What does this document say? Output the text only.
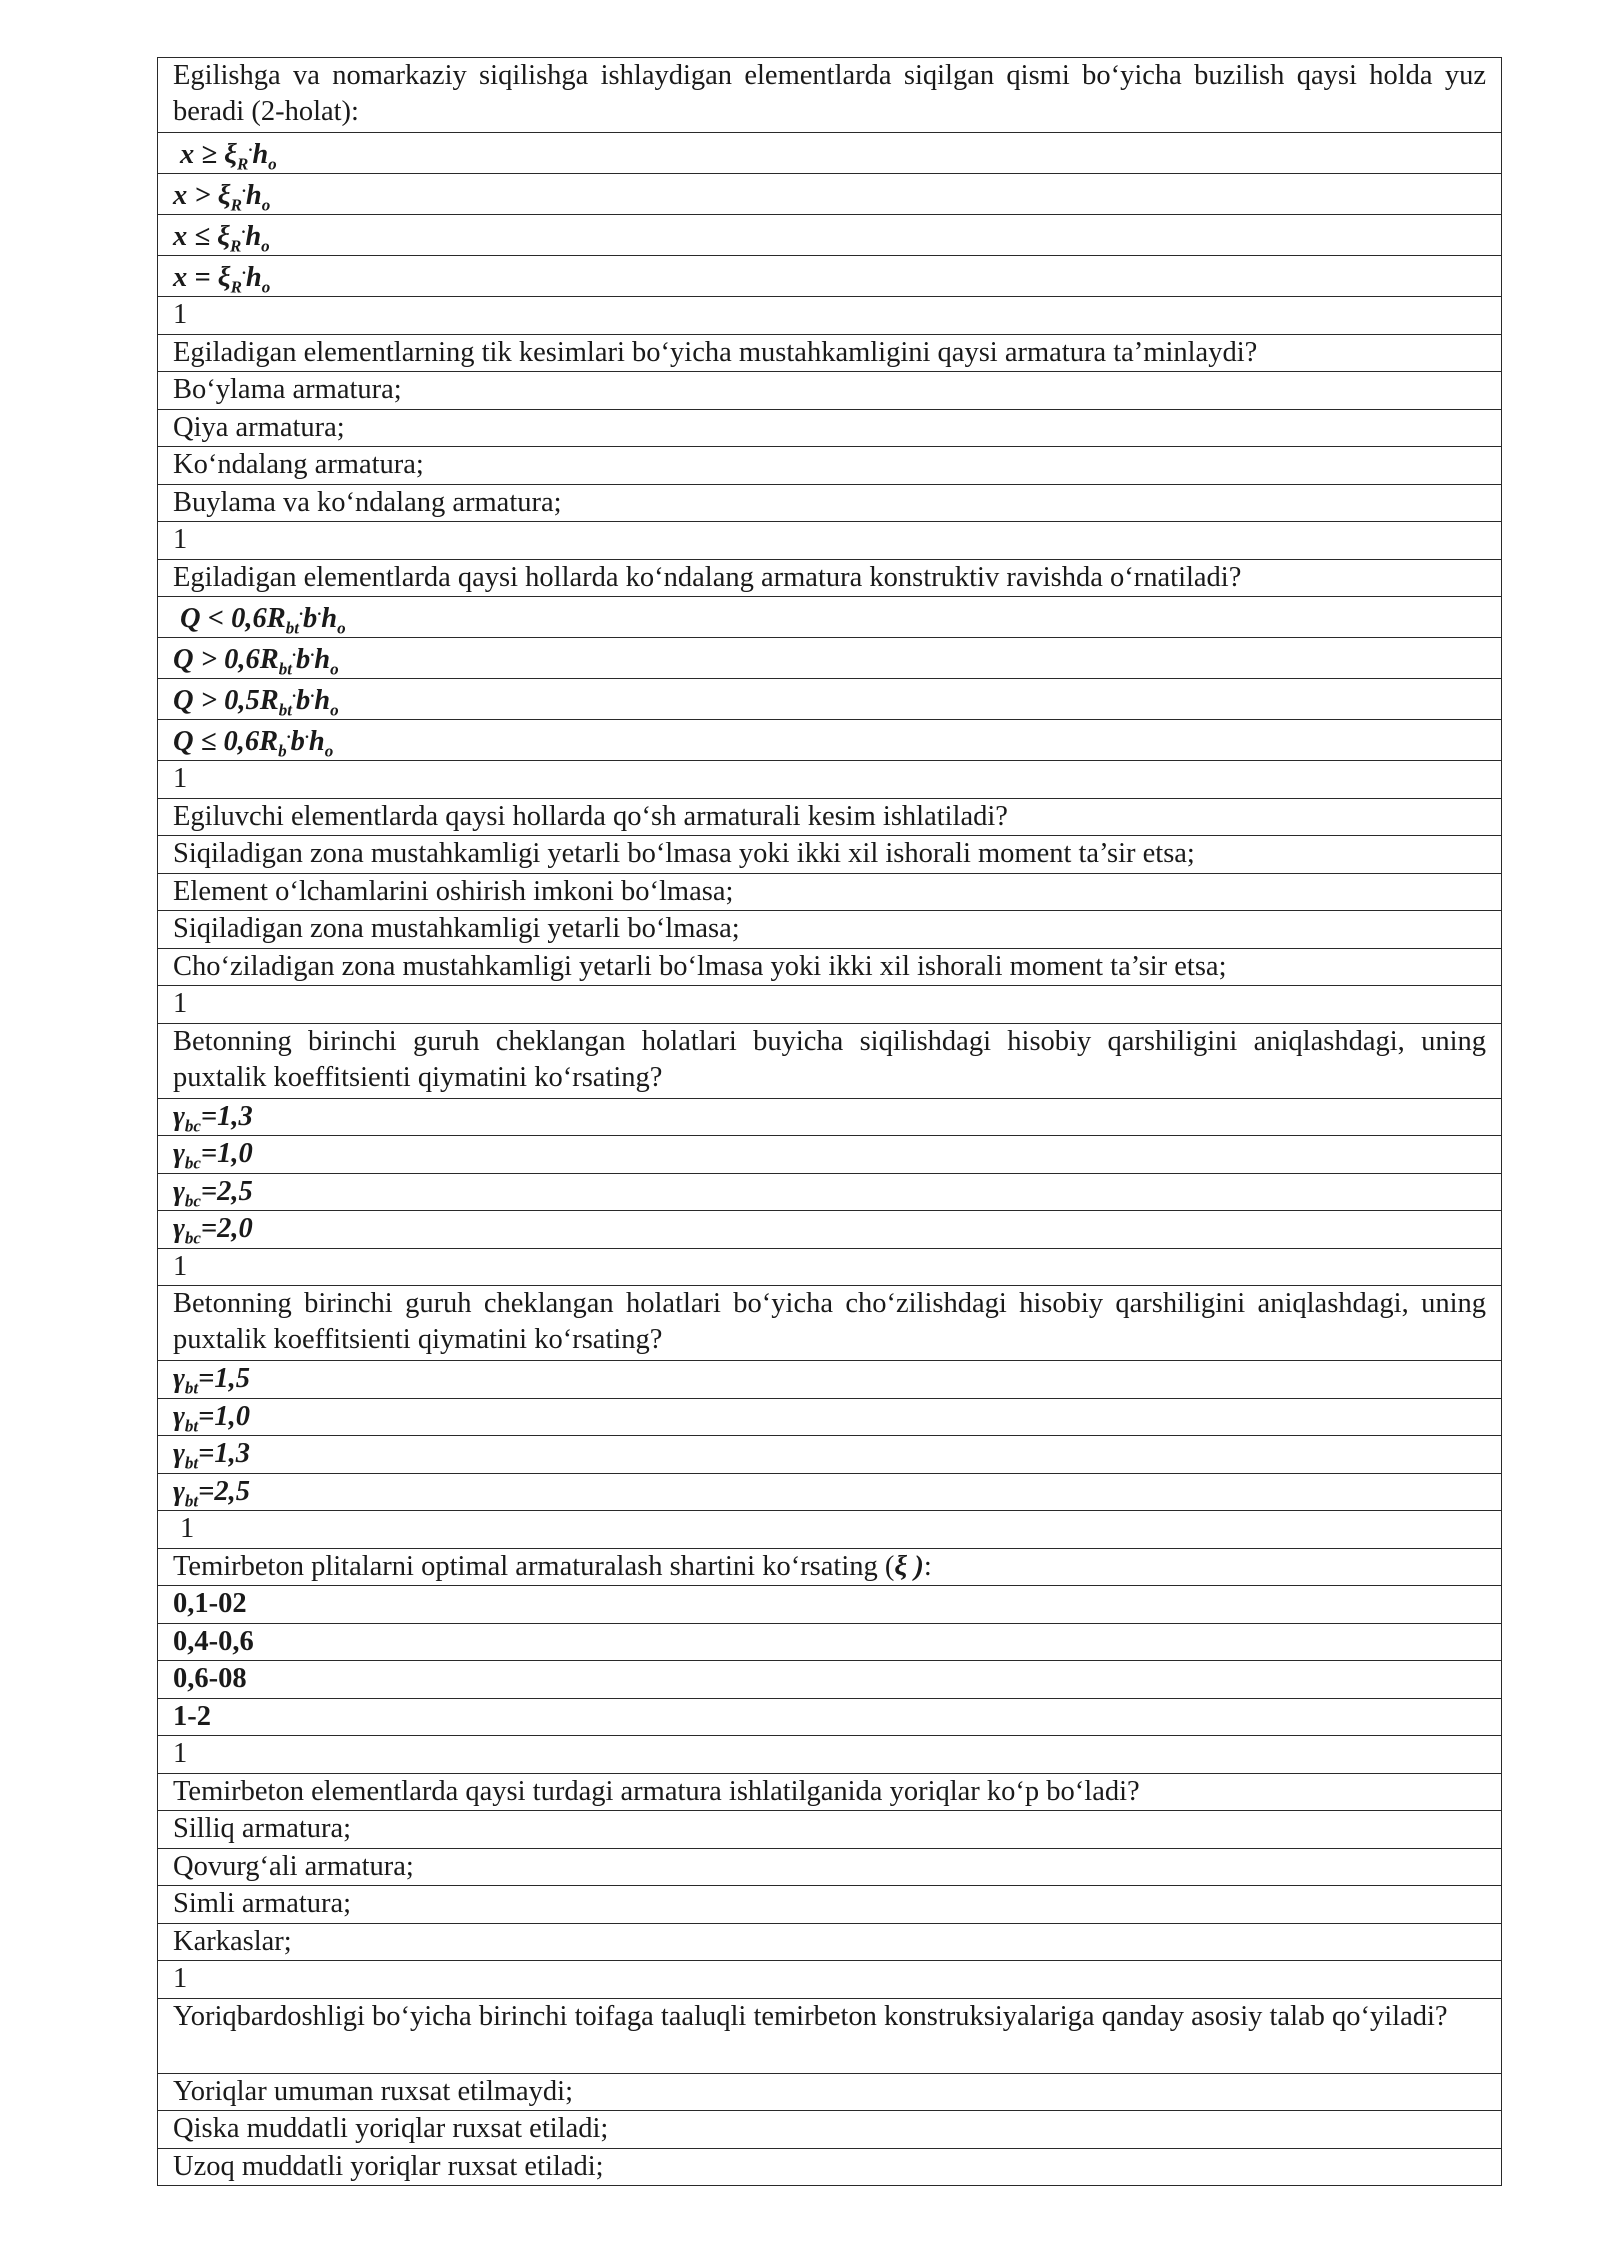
Egilishga va nomarkaziy siqilishga ishlaydigan elementlarda siqilgan qismi bo‘yicha buzilish qaysi holda yuz beradi (2-holat):
$x \ge \xi_R^\cdot h_o$
$x > \xi_R^\cdot h_o$
$x \le \xi_R^\cdot h_o$
$x = \xi_R^\cdot h_o$
1
Egiladigan elementlarning tik kesimlari bo‘yicha mustahkamligini qaysi armatura ta’minlaydi?
Bo‘ylama armatura;
Qiya armatura;
Ko‘ndalang armatura;
Buylama va ko‘ndalang armatura;
1
Egiladigan elementlarda qaysi hollarda ko‘ndalang armatura konstruktiv ravishda o‘rnatiladi?
$Q < 0,6R_{bt}^\cdot b^\cdot h_o$
$Q > 0,6R_{bt}^\cdot b^\cdot h_o$
$Q > 0,5R_{bt}^\cdot b^\cdot h_o$
$Q \le 0,6R_b^\cdot b^\cdot h_o$
1
Egiluvchi elementlarda qaysi hollarda qo‘sh armaturali kesim ishlatiladi?
Siqiladigan zona mustahkamligi yetarli bo‘lmasa yoki ikki xil ishorali moment ta’sir etsa;
Element o‘lchamlarini oshirish imkoni bo‘lmasa;
Siqiladigan zona mustahkamligi yetarli bo‘lmasa;
Cho‘ziladigan zona mustahkamligi yetarli bo‘lmasa yoki ikki xil ishorali moment ta’sir etsa;
1
Betonning birinchi guruh cheklangan holatlari buyicha siqilishdagi hisobiy qarshiligini aniqlashdagi, uning puxtalik koeffitsienti qiymatini ko‘rsating?
$\gamma_{bc}=1,3$
$\gamma_{bc}=1,0$
$\gamma_{bc}=2,5$
$\gamma_{bc}=2,0$
1
Betonning birinchi guruh cheklangan holatlari bo‘yicha cho‘zilishdagi hisobiy qarshiligini aniqlashdagi, uning puxtalik koeffitsienti qiymatini ko‘rsating?
$\gamma_{bt}=1,5$
$\gamma_{bt}=1,0$
$\gamma_{bt}=1,3$
$\gamma_{bt}=2,5$
1
Temirbeton plitalarni optimal armaturalash shartini ko‘rsating (ξ ):
0,1-02
0,4-0,6
0,6-08
1-2
1
Temirbeton elementlarda qaysi turdagi armatura ishlatilganida yoriqlar ko‘p bo‘ladi?
Silliq armatura;
Qovurg‘ali armatura;
Simli armatura;
Karkaslar;
1
Yoriqbardoshligi bo‘yicha birinchi toifaga taaluqli temirbeton konstruksiyalariga qanday asosiy talab qo‘yiladi?
Yoriqlar umuman ruxsat etilmaydi;
Qiska muddatli yoriqlar ruxsat etiladi;
Uzoq muddatli yoriqlar ruxsat etiladi;
